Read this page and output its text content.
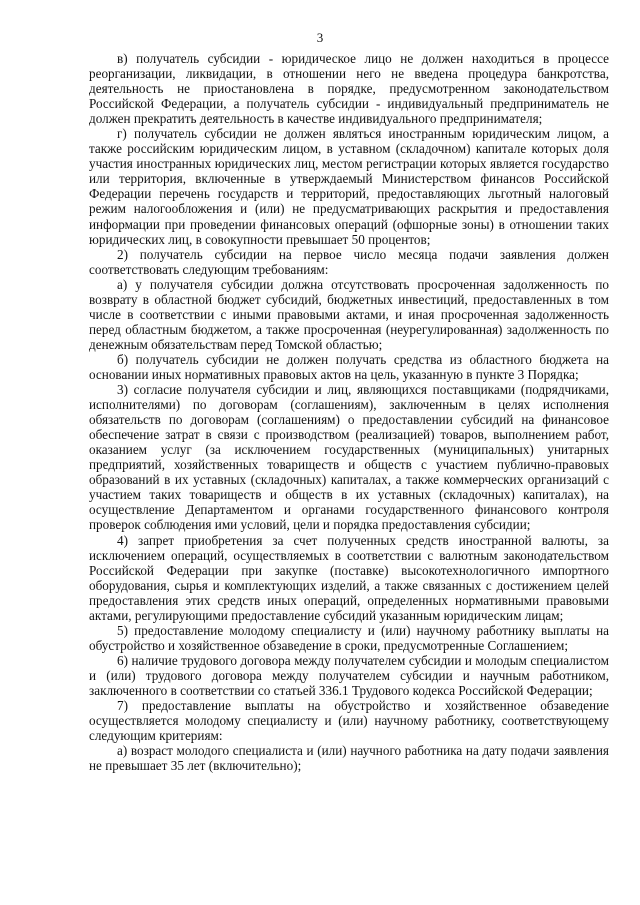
3

в) получатель субсидии - юридическое лицо не должен находиться в процессе реорганизации, ликвидации, в отношении него не введена процедура банкротства, деятельность не приостановлена в порядке, предусмотренном законодательством Российской Федерации, а получатель субсидии - индивидуальный предприниматель не должен прекратить деятельность в качестве индивидуального предпринимателя;

г) получатель субсидии не должен являться иностранным юридическим лицом, а также российским юридическим лицом, в уставном (складочном) капитале которых доля участия иностранных юридических лиц, местом регистрации которых является государство или территория, включенные в утверждаемый Министерством финансов Российской Федерации перечень государств и территорий, предоставляющих льготный налоговый режим налогообложения и (или) не предусматривающих раскрытия и предоставления информации при проведении финансовых операций (офшорные зоны) в отношении таких юридических лиц, в совокупности превышает 50 процентов;

2) получатель субсидии на первое число месяца подачи заявления должен соответствовать следующим требованиям:

а) у получателя субсидии должна отсутствовать просроченная задолженность по возврату в областной бюджет субсидий, бюджетных инвестиций, предоставленных в том числе в соответствии с иными правовыми актами, и иная просроченная задолженность перед областным бюджетом, а также просроченная (неурегулированная) задолженность по денежным обязательствам перед Томской областью;

б) получатель субсидии не должен получать средства из областного бюджета на основании иных нормативных правовых актов на цель, указанную в пункте 3 Порядка;

3) согласие получателя субсидии и лиц, являющихся поставщиками (подрядчиками, исполнителями) по договорам (соглашениям), заключенным в целях исполнения обязательств по договорам (соглашениям) о предоставлении субсидий на финансовое обеспечение затрат в связи с производством (реализацией) товаров, выполнением работ, оказанием услуг (за исключением государственных (муниципальных) унитарных предприятий, хозяйственных товариществ и обществ с участием публично-правовых образований в их уставных (складочных) капиталах, а также коммерческих организаций с участием таких товариществ и обществ в их уставных (складочных) капиталах), на осуществление Департаментом и органами государственного финансового контроля проверок соблюдения ими условий, цели и порядка предоставления субсидии;

4) запрет приобретения за счет полученных средств иностранной валюты, за исключением операций, осуществляемых в соответствии с валютным законодательством Российской Федерации при закупке (поставке) высокотехнологичного импортного оборудования, сырья и комплектующих изделий, а также связанных с достижением целей предоставления этих средств иных операций, определенных нормативными правовыми актами, регулирующими предоставление субсидий указанным юридическим лицам;

5) предоставление молодому специалисту и (или) научному работнику выплаты на обустройство и хозяйственное обзаведение в сроки, предусмотренные Соглашением;

6) наличие трудового договора между получателем субсидии и молодым специалистом и (или) трудового договора между получателем субсидии и научным работником, заключенного в соответствии со статьей 336.1 Трудового кодекса Российской Федерации;

7) предоставление выплаты на обустройство и хозяйственное обзаведение осуществляется молодому специалисту и (или) научному работнику, соответствующему следующим критериям:

а) возраст молодого специалиста и (или) научного работника на дату подачи заявления не превышает 35 лет (включительно);
